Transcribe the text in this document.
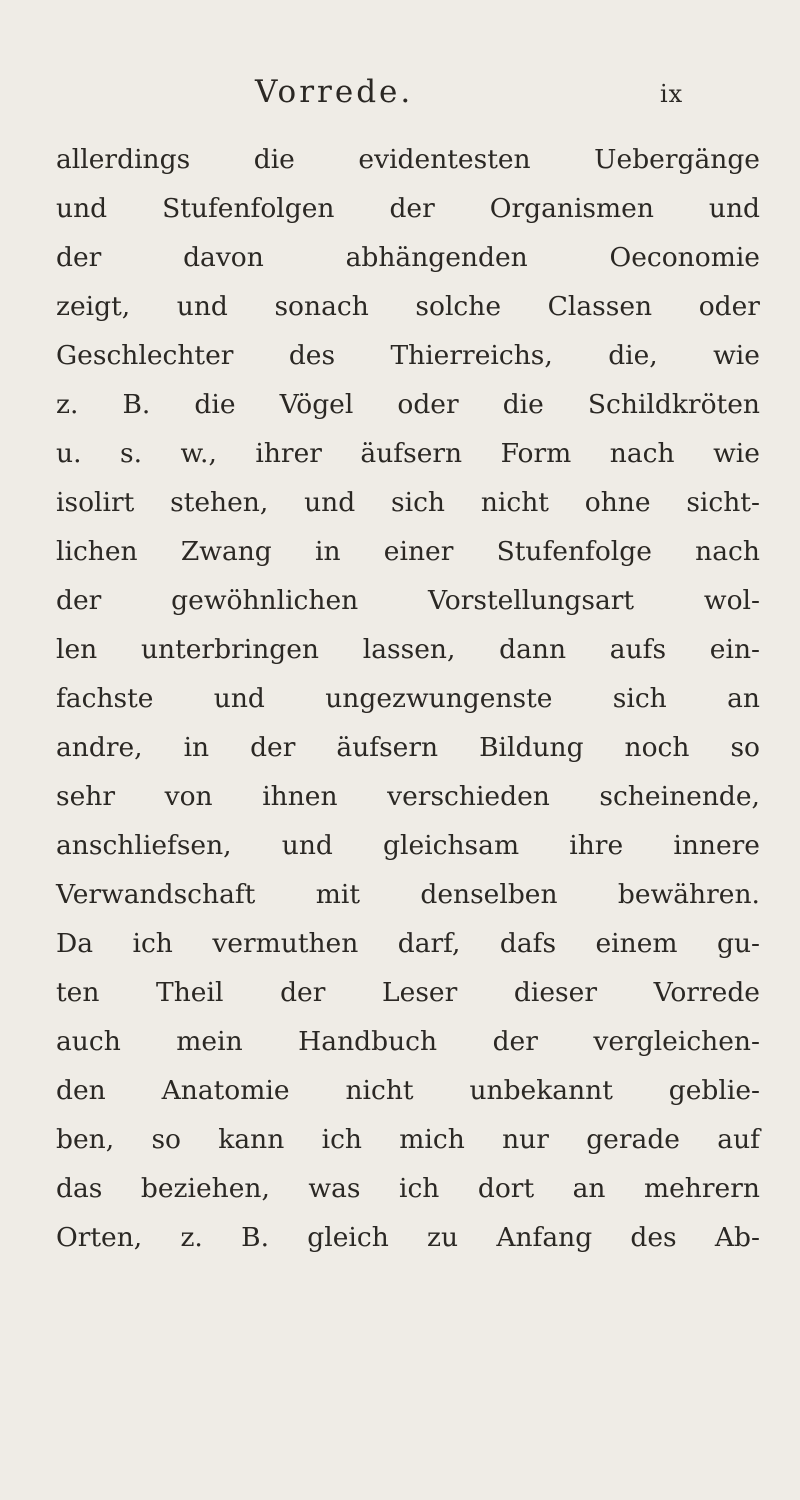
Vorrede.	ix
allerdings die evidentesten Uebergänge
und Stufenfolgen der Organismen und
der	davon	abhängenden	Oeconomie
zeigt, und sonach solche Classen oder
Geschlechter des Thierreichs, die, wie
z. B. die Vögel oder die Schildkröten
u. s. w., ihrer äufsern Form nach wie
isolirt stehen, und sich nicht ohne sicht-
lichen Zwang in einer Stufenfolge nach
der	gewöhnlichen	Vorstellungsart	wol-
len unterbringen lassen, dann aufs ein-
fachste und ungezwungenste sich an
andre, in der äufsern Bildung noch so
sehr von ihnen verschieden scheinende,
anschliefsen, und gleichsam ihre innere
Verwandschaft mit denselben bewähren.
Da ich vermuthen darf, dafs einem gu-
ten Theil der Leser dieser Vorrede
auch mein Handbuch der vergleichen-
den Anatomie nicht unbekannt geblie-
ben, so kann ich mich nur gerade auf
das beziehen, was ich dort an mehrern
Orten, z. B. gleich zu Anfang des Ab-
